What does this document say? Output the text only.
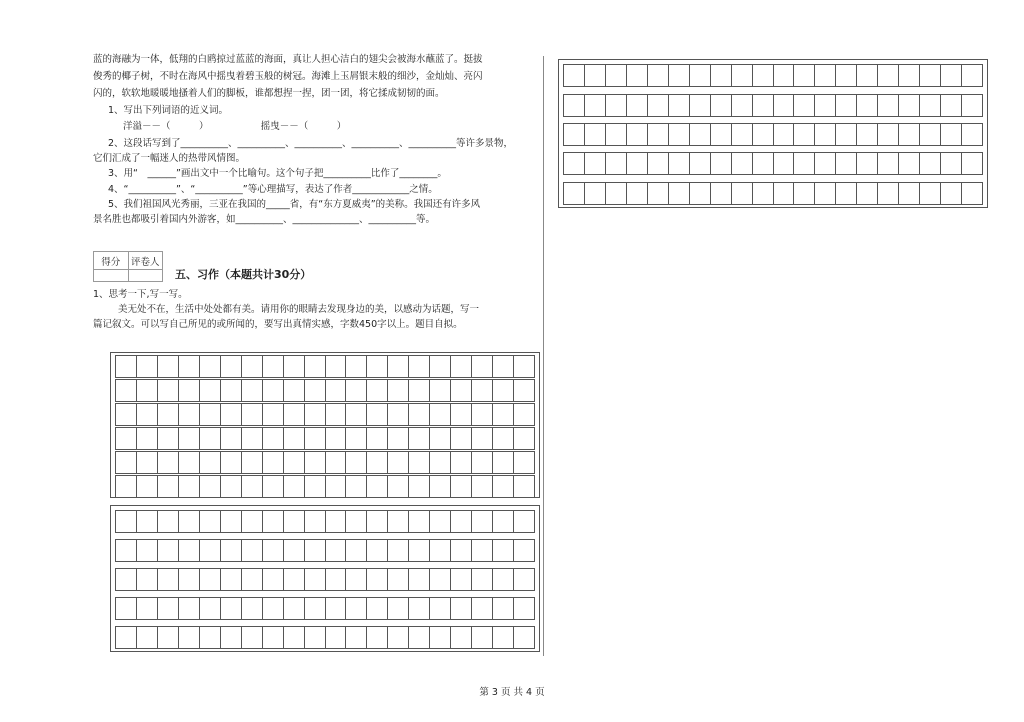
蓝的海融为一体，低翔的白鸥掠过蓝蓝的海面，真让人担心洁白的翅尖会被海水蘸蓝了。挺拔
俊秀的椰子树，不时在海风中摇曳着碧玉般的树冠。海滩上玉屑银末般的细沙，金灿灿、亮闪
闪的，软软地暖暖地搔着人们的脚板，谁都想捏一捏，团一团，将它揉成韧韧的面。
1、写出下列词语的近义词。
洋溢－－（　　　）　　　　　　摇曳－－（　　　）
2、这段话写到了__________、__________、__________、__________、__________等许多景物，
它们汇成了一幅迷人的热带风情图。
3、用“　______”画出文中一个比喻句。这个句子把__________比作了________。
4、“__________”、“__________”等心理描写，表达了作者____________之情。
5、我们祖国风光秀丽，三亚在我国的_____省，有“东方夏威夷”的美称。我国还有许多风
景名胜也都吸引着国内外游客，如__________、______________、__________等。
得分	评卷人
五、习作（本题共计30分）
1、思考一下,写一写。
美无处不在，生活中处处都有美。请用你的眼睛去发现身边的美，以感动为话题，写一
篇记叙文。可以写自己所见的或所闻的，要写出真情实感，字数450字以上。题目自拟。
第 3 页 共 4 页
